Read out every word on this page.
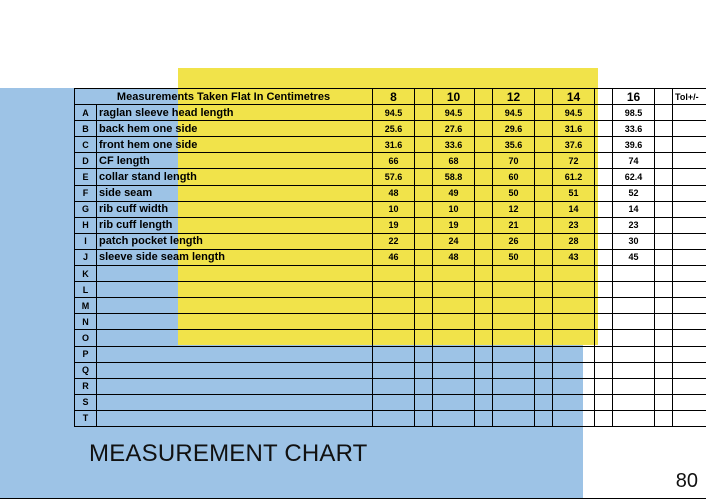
Measurements Taken Flat In Centimetres		8		10		12		14		16		Tol+/-
A	raglan sleeve head length	94.5		94.5		94.5		94.5		98.5		
B	back hem one side	25.6		27.6		29.6		31.6		33.6		
C	front hem one side	31.6		33.6		35.6		37.6		39.6		
D	CF length	66		68		70		72		74		
E	collar stand length	57.6		58.8		60		61.2		62.4		
F	side seam	48		49		50		51		52		
G	rib cuff width	10		10		12		14		14		
H	rib cuff length	19		19		21		23		23		
I	patch pocket length	22		24		26		28		30		
J	sleeve side seam length	46		48		50		43		45		
K												
L												
M												
N												
O												
P												
Q												
R												
S												
T												
MEASUREMENT CHART
80
